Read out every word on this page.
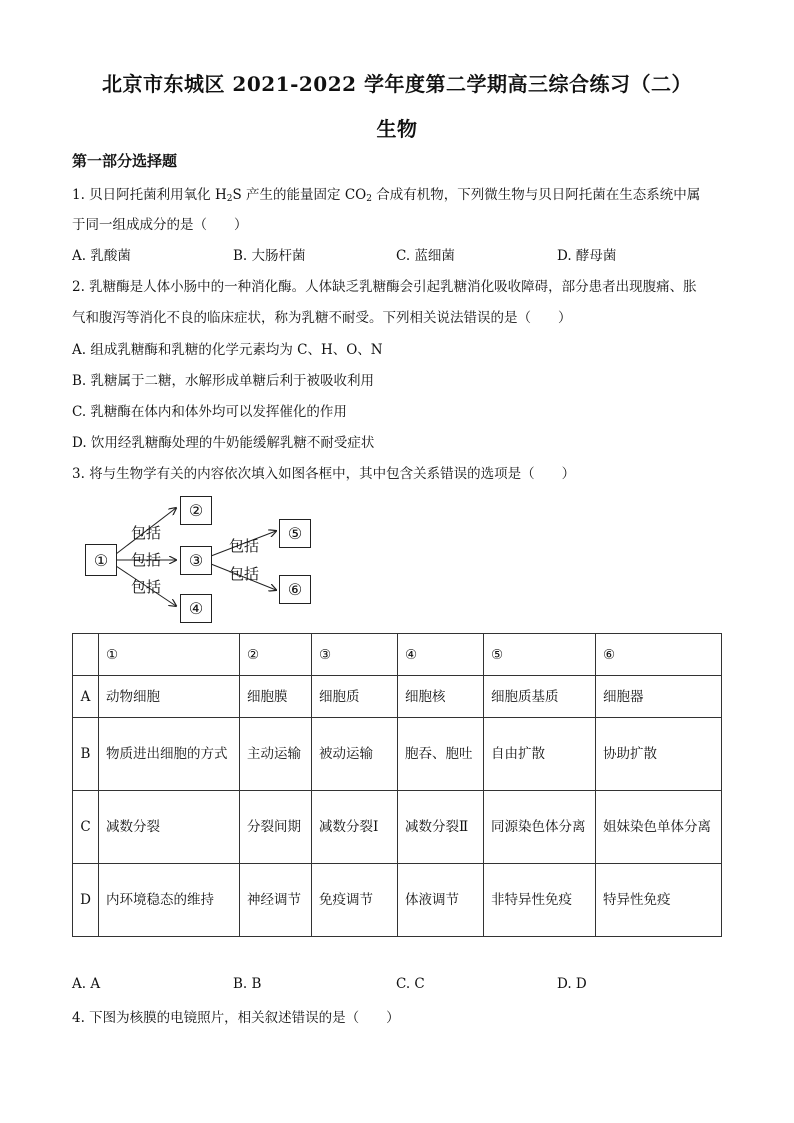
北京市东城区 2021-2022 学年度第二学期高三综合练习（二）
生物
第一部分选择题
1. 贝日阿托菌利用氧化 $H_2S$ 产生的能量固定 $CO_2$ 合成有机物，下列微生物与贝日阿托菌在生态系统中属
于同一组成成分的是（　　）
A. 乳酸菌	B. 大肠杆菌	C. 蓝细菌	D. 酵母菌
2. 乳糖酶是人体小肠中的一种消化酶。人体缺乏乳糖酶会引起乳糖消化吸收障碍，部分患者出现腹痛、胀
气和腹泻等消化不良的临床症状，称为乳糖不耐受。下列相关说法错误的是（　　）
A. 组成乳糖酶和乳糖的化学元素均为 C、H、O、N
B. 乳糖属于二糖，水解形成单糖后利于被吸收利用
C. 乳糖酶在体内和体外均可以发挥催化的作用
D. 饮用经乳糖酶处理的牛奶能缓解乳糖不耐受症状
3. 将与生物学有关的内容依次填入如图各框中，其中包含关系错误的选项是（　　）
①
②
③
④
⑤
⑥
包括
包括
包括
包括
包括
	①	②	③	④	⑤	⑥
A	动物细胞	细胞膜	细胞质	细胞核	细胞质基质	细胞器
B	物质进出细胞的方式	主动运输	被动运输	胞吞、胞吐	自由扩散	协助扩散
C	减数分裂	分裂间期	减数分裂Ⅰ	减数分裂Ⅱ	同源染色体分离	姐妹染色单体分离
D	内环境稳态的维持	神经调节	免疫调节	体液调节	非特异性免疫	特异性免疫
A. A	B. B	C. C	D. D
4. 下图为核膜的电镜照片，相关叙述错误的是（　　）
